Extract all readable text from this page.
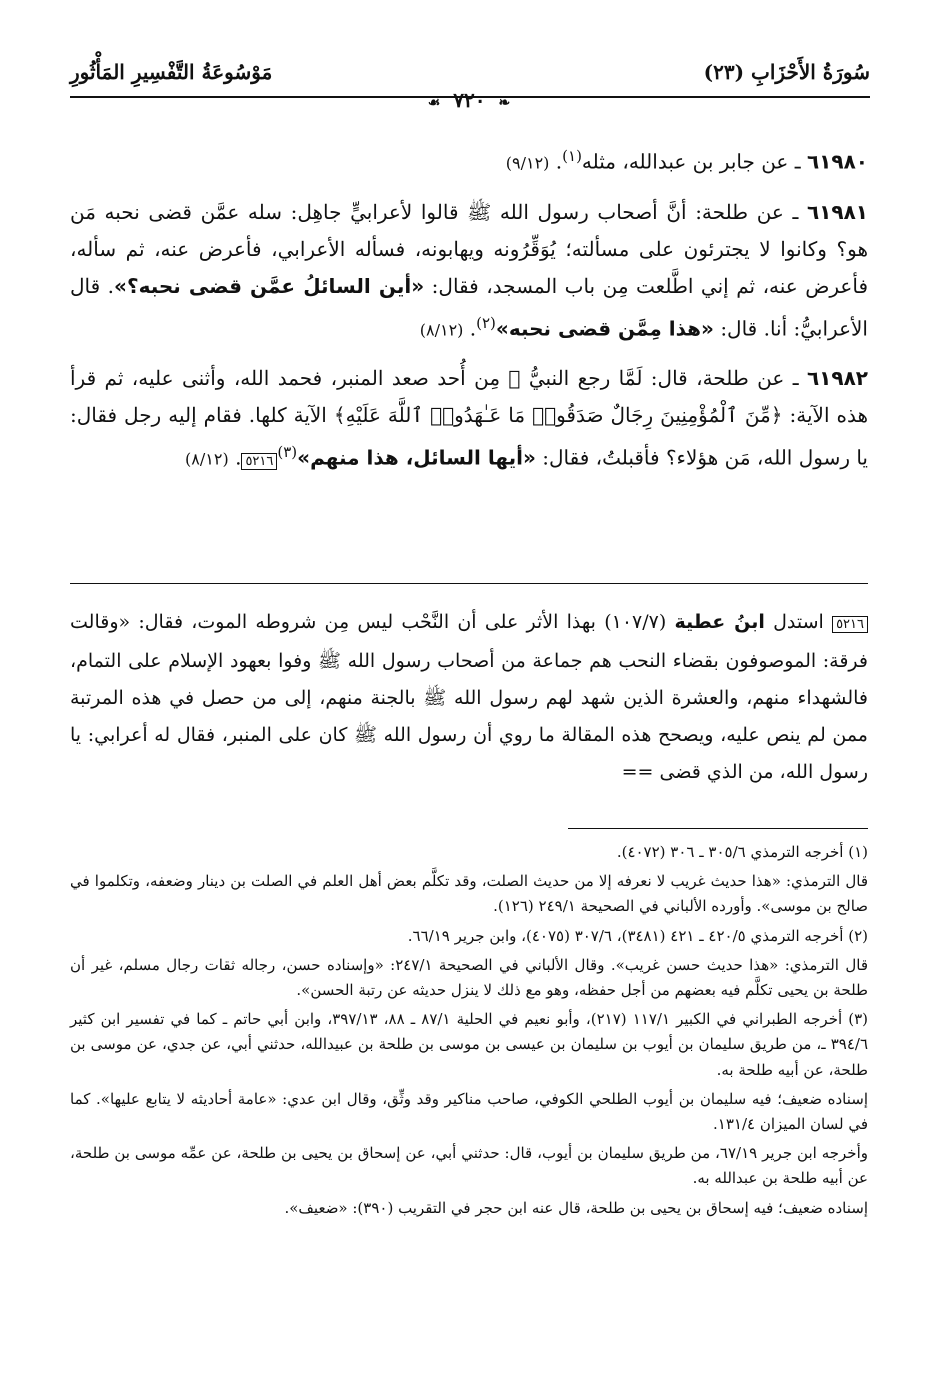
سُورَةُ الأَحْزَابِ (٢٣)
مَوْسُوعَةُ التَّفْسِيرِ المَأْثُورِ
❧ ٧٢٠ ☙

٦١٩٨٠ ـ عن جابر بن عبدالله، مثله$^{(١)}$. (٩/١٢)

٦١٩٨١ ـ عن طلحة: أنَّ أصحاب رسول الله ﷺ قالوا لأعرابيٍّ جاهِل: سله عمَّن قضى نحبه مَن هو؟ وكانوا لا يجترئون على مسألته؛ يُوَقِّرُونه ويهابونه، فسأله الأعرابي، فأعرض عنه، ثم سأله، فأعرض عنه، ثم إني اطَّلعت مِن باب المسجد، فقال: «أين السائلُ عمَّن قضى نحبه؟». قال الأعرابيُّ: أنا. قال: «هذا مِمَّن قضى نحبه»$^{(٢)}$. (٨/١٢)

٦١٩٨٢ ـ عن طلحة، قال: لَمَّا رجع النبيُّ ﷺ مِن أُحد صعد المنبر، فحمد الله، وأثنى عليه، ثم قرأ هذه الآية: ﴿مِّنَ ٱلْمُؤْمِنِينَ رِجَالٌ صَدَقُوا۟ مَا عَـٰهَدُوا۟ ٱللَّهَ عَلَيْهِ﴾ الآية كلها. فقام إليه رجل فقال: يا رسول الله، مَن هؤلاء؟ فأقبلتُ، فقال: «أيها السائل، هذا منهم»$^{(٣)}$٥٢١٦. (٨/١٢)

٥٢١٦ استدل ابنُ عطية (١٠٧/٧) بهذا الأثر على أن النَّحْب ليس مِن شروطه الموت، فقال: «وقالت فرقة: الموصوفون بقضاء النحب هم جماعة من أصحاب رسول الله ﷺ وفوا بعهود الإسلام على التمام، فالشهداء منهم، والعشرة الذين شهد لهم رسول الله ﷺ بالجنة منهم، إلى من حصل في هذه المرتبة ممن لم ينص عليه، ويصحح هذه المقالة ما روي أن رسول الله ﷺ كان على المنبر، فقال له أعرابي: يا رسول الله، من الذي قضى ==

(١) أخرجه الترمذي ٣٠٥/٦ ـ ٣٠٦ (٤٠٧٢).

قال الترمذي: «هذا حديث غريب لا نعرفه إلا من حديث الصلت، وقد تكلَّم بعض أهل العلم في الصلت بن دينار وضعفه، وتكلموا في صالح بن موسى». وأورده الألباني في الصحيحة ٢٤٩/١ (١٢٦).

(٢) أخرجه الترمذي ٤٢٠/٥ ـ ٤٢١ (٣٤٨١)، ٣٠٧/٦ (٤٠٧٥)، وابن جرير ٦٦/١٩.

قال الترمذي: «هذا حديث حسن غريب». وقال الألباني في الصحيحة ٢٤٧/١: «وإسناده حسن، رجاله ثقات رجال مسلم، غير أن طلحة بن يحيى تكلَّم فيه بعضهم من أجل حفظه، وهو مع ذلك لا ينزل حديثه عن رتبة الحسن».

(٣) أخرجه الطبراني في الكبير ١١٧/١ (٢١٧)، وأبو نعيم في الحلية ٨٧/١ ـ ٨٨، ٣٩٧/١٣، وابن أبي حاتم ـ كما في تفسير ابن كثير ٣٩٤/٦ ـ، من طريق سليمان بن أيوب بن سليمان بن عيسى بن موسى بن طلحة بن عبيدالله، حدثني أبي، عن جدي، عن موسى بن طلحة، عن أبيه طلحة به.

إسناده ضعيف؛ فيه سليمان بن أيوب الطلحي الكوفي، صاحب مناكير وقد وثِّق، وقال ابن عدي: «عامة أحاديثه لا يتابع عليها». كما في لسان الميزان ١٣١/٤.

وأخرجه ابن جرير ٦٧/١٩، من طريق سليمان بن أيوب، قال: حدثني أبي، عن إسحاق بن يحيى بن طلحة، عن عمِّه موسى بن طلحة، عن أبيه طلحة بن عبدالله به.

إسناده ضعيف؛ فيه إسحاق بن يحيى بن طلحة، قال عنه ابن حجر في التقريب (٣٩٠): «ضعيف».
